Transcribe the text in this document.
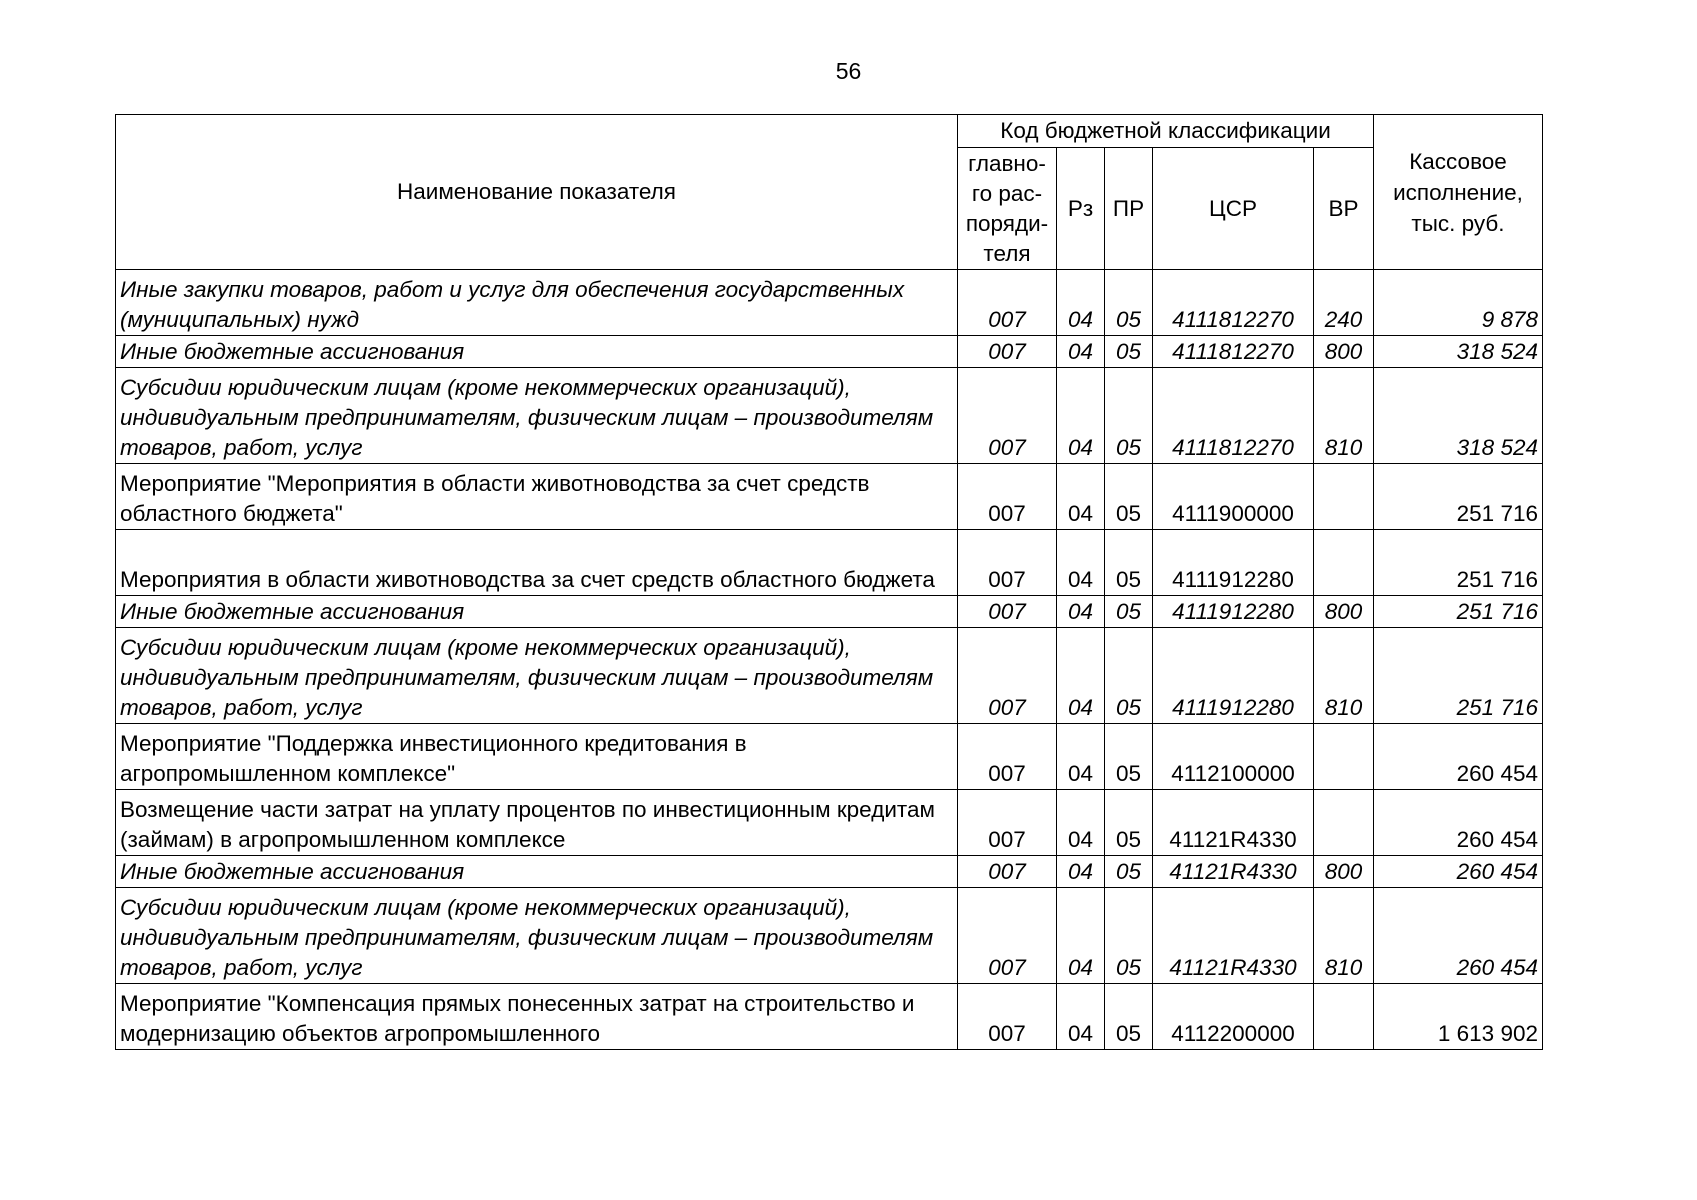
56
Наименование показателя	Код бюджетной классификации					Кассовое исполнение, тыс. руб.
	главно-го рас-поряди-теля	Рз	ПР	ЦСР	ВР	
Иные закупки товаров, работ и услуг для обеспечения государственных (муниципальных) нужд	007	04	05	4111812270	240	9 878
Иные бюджетные ассигнования	007	04	05	4111812270	800	318 524
Субсидии юридическим лицам (кроме некоммерческих организаций), индивидуальным предпринимателям, физическим лицам – производителям товаров, работ, услуг	007	04	05	4111812270	810	318 524
Мероприятие "Мероприятия в области животноводства за счет средств областного бюджета"	007	04	05	4111900000		251 716
Мероприятия в области животноводства за счет средств областного бюджета	007	04	05	4111912280		251 716
Иные бюджетные ассигнования	007	04	05	4111912280	800	251 716
Субсидии юридическим лицам (кроме некоммерческих организаций), индивидуальным предпринимателям, физическим лицам – производителям товаров, работ, услуг	007	04	05	4111912280	810	251 716
Мероприятие "Поддержка инвестиционного кредитования в агропромышленном комплексе"	007	04	05	4112100000		260 454
Возмещение части затрат на уплату процентов по инвестиционным кредитам (займам) в агропромышленном комплексе	007	04	05	41121R4330		260 454
Иные бюджетные ассигнования	007	04	05	41121R4330	800	260 454
Субсидии юридическим лицам (кроме некоммерческих организаций), индивидуальным предпринимателям, физическим лицам – производителям товаров, работ, услуг	007	04	05	41121R4330	810	260 454
Мероприятие "Компенсация прямых понесенных затрат на строительство и модернизацию объектов агропромышленного	007	04	05	4112200000		1 613 902
